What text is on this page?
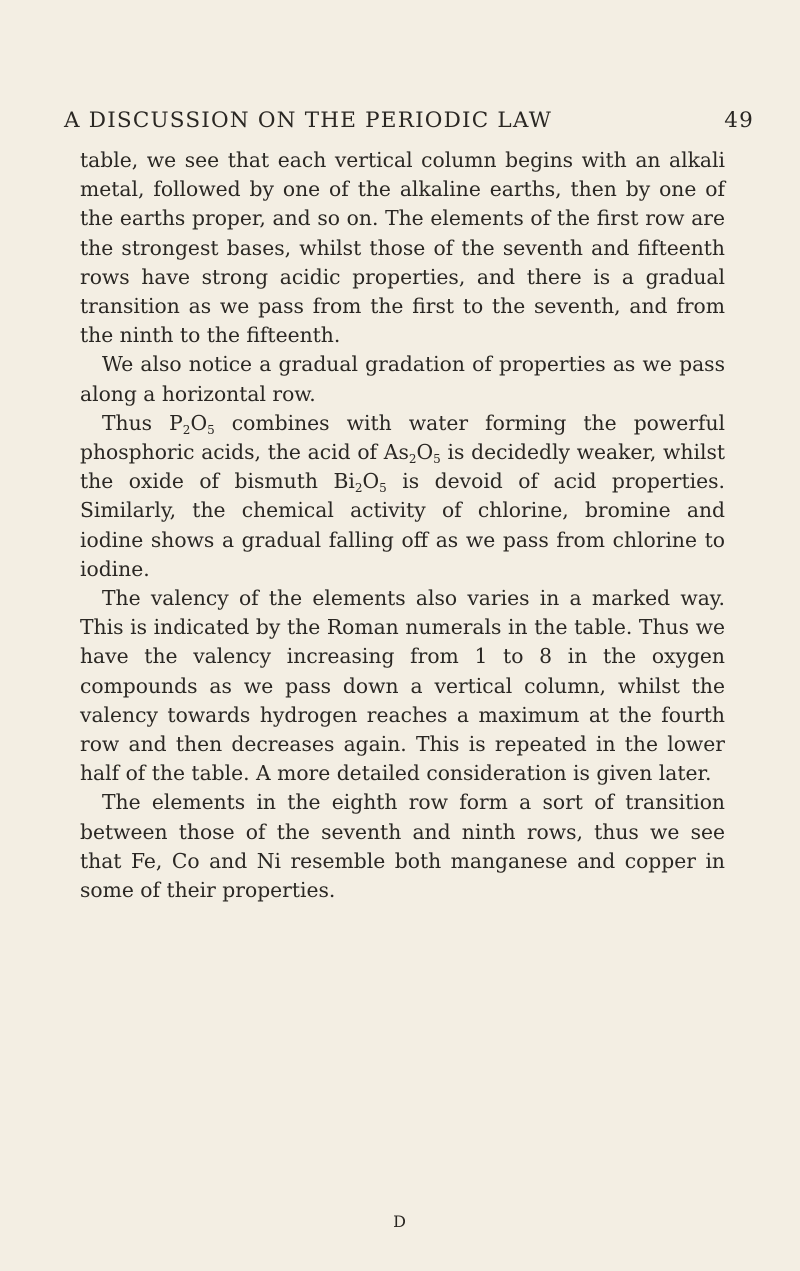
A DISCUSSION ON THE PERIODIC LAW	49

table, we see that each vertical column begins with an alkali metal, followed by one of the alkaline earths, then by one of the earths proper, and so on. The elements of the first row are the strongest bases, whilst those of the seventh and fifteenth rows have strong acidic properties, and there is a gradual transition as we pass from the first to the seventh, and from the ninth to the fifteenth.

We also notice a gradual gradation of properties as we pass along a horizontal row.

Thus $P_2O_5$ combines with water forming the powerful phosphoric acids, the acid of $As_2O_5$ is decidedly weaker, whilst the oxide of bismuth $Bi_2O_5$ is devoid of acid properties. Similarly, the chemical activity of chlorine, bromine and iodine shows a gradual falling off as we pass from chlorine to iodine.

The valency of the elements also varies in a marked way. This is indicated by the Roman numerals in the table. Thus we have the valency increasing from 1 to 8 in the oxygen compounds as we pass down a vertical column, whilst the valency towards hydrogen reaches a maximum at the fourth row and then decreases again. This is repeated in the lower half of the table. A more detailed consideration is given later.

The elements in the eighth row form a sort of transition between those of the seventh and ninth rows, thus we see that Fe, Co and Ni resemble both manganese and copper in some of their properties.

D
